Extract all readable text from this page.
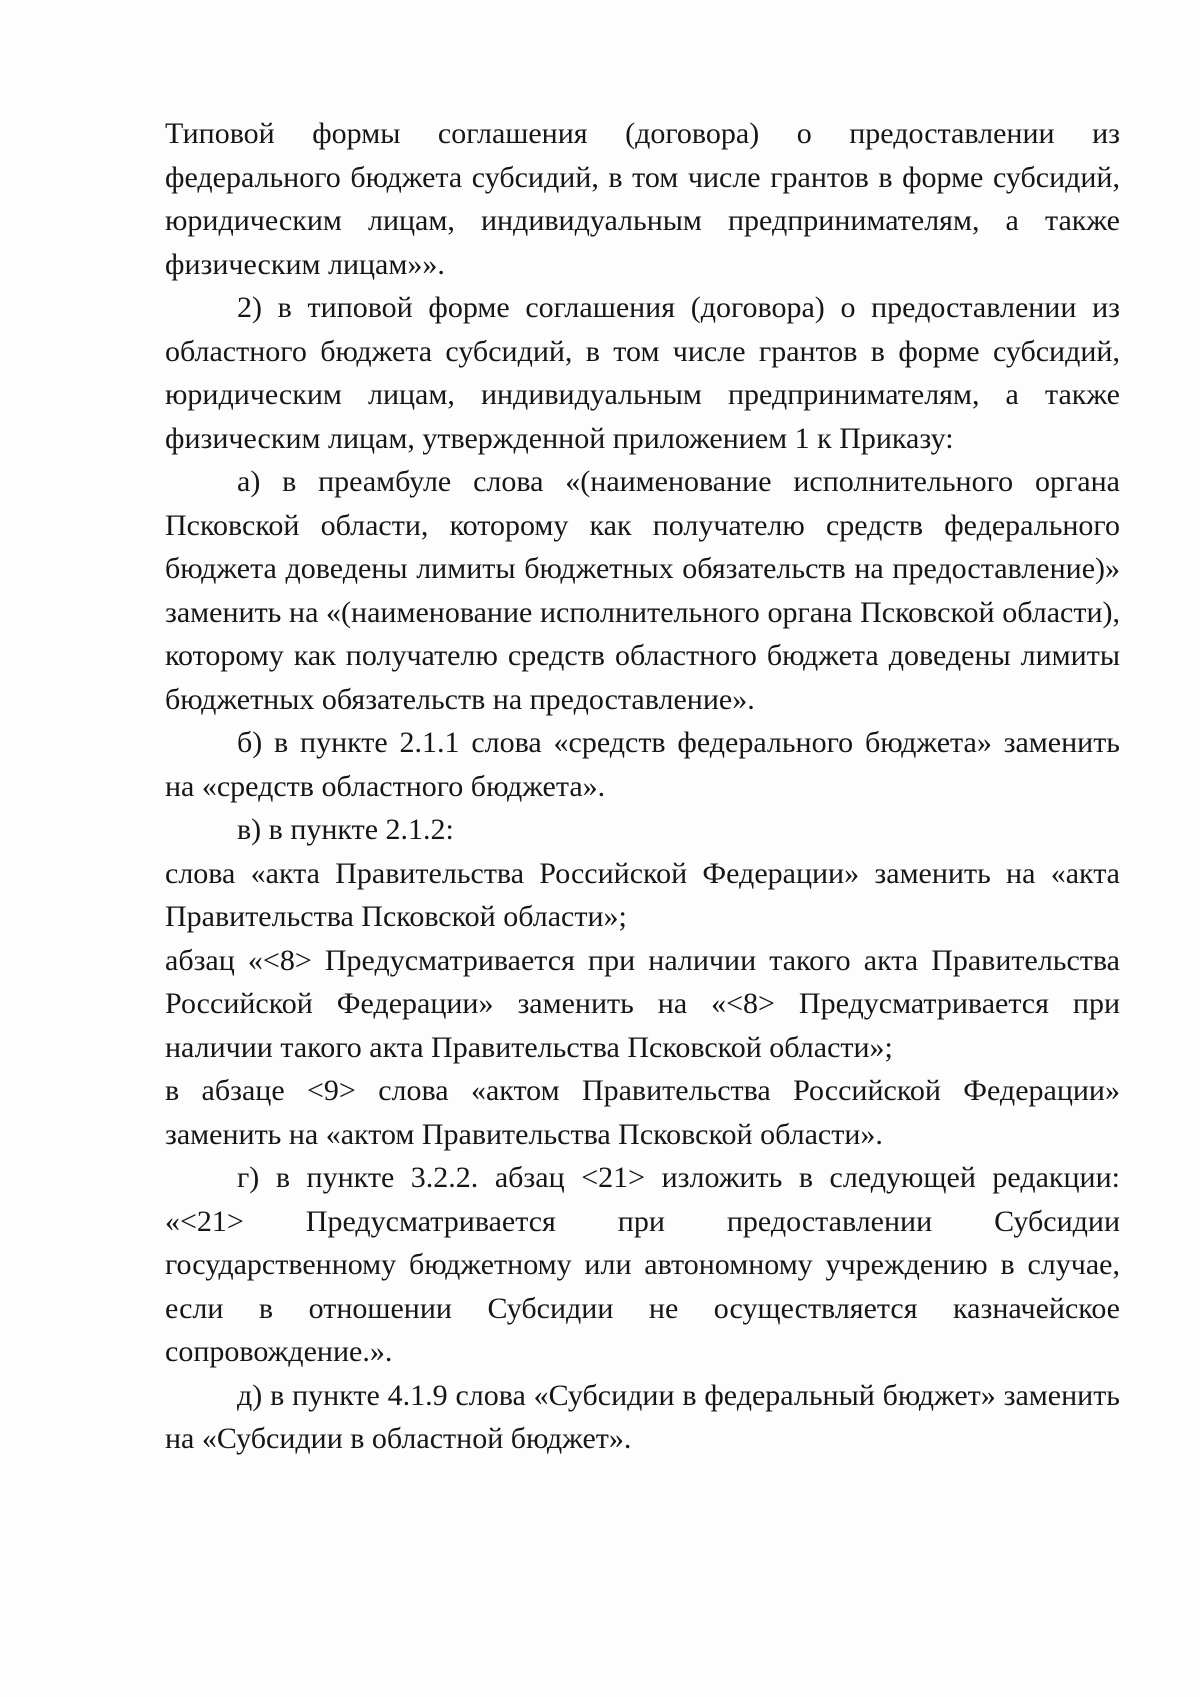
Типовой формы соглашения (договора) о предоставлении из федерального бюджета субсидий, в том числе грантов в форме субсидий, юридическим лицам, индивидуальным предпринимателям, а также физическим лицам»».

2) в типовой форме соглашения (договора) о предоставлении из областного бюджета субсидий, в том числе грантов в форме субсидий, юридическим лицам, индивидуальным предпринимателям, а также физическим лицам, утвержденной приложением 1 к Приказу:

а) в преамбуле слова «(наименование исполнительного органа Псковской области, которому как получателю средств федерального бюджета доведены лимиты бюджетных обязательств на предоставление)» заменить на «(наименование исполнительного органа Псковской области), которому как получателю средств областного бюджета доведены лимиты бюджетных обязательств на предоставление».

б) в пункте 2.1.1 слова «средств федерального бюджета» заменить на «средств областного бюджета».

в) в пункте 2.1.2:

слова «акта Правительства Российской Федерации» заменить на «акта Правительства Псковской области»;

абзац «<8> Предусматривается при наличии такого акта Правительства Российской Федерации» заменить на «<8> Предусматривается при наличии такого акта Правительства Псковской области»;

в абзаце <9> слова «актом Правительства Российской Федерации» заменить на «актом Правительства Псковской области».

г) в пункте 3.2.2. абзац <21> изложить в следующей редакции: «<21> Предусматривается при предоставлении Субсидии государственному бюджетному или автономному учреждению в случае, если в отношении Субсидии не осуществляется казначейское сопровождение.».

д) в пункте 4.1.9 слова «Субсидии в федеральный бюджет» заменить на «Субсидии в областной бюджет».
